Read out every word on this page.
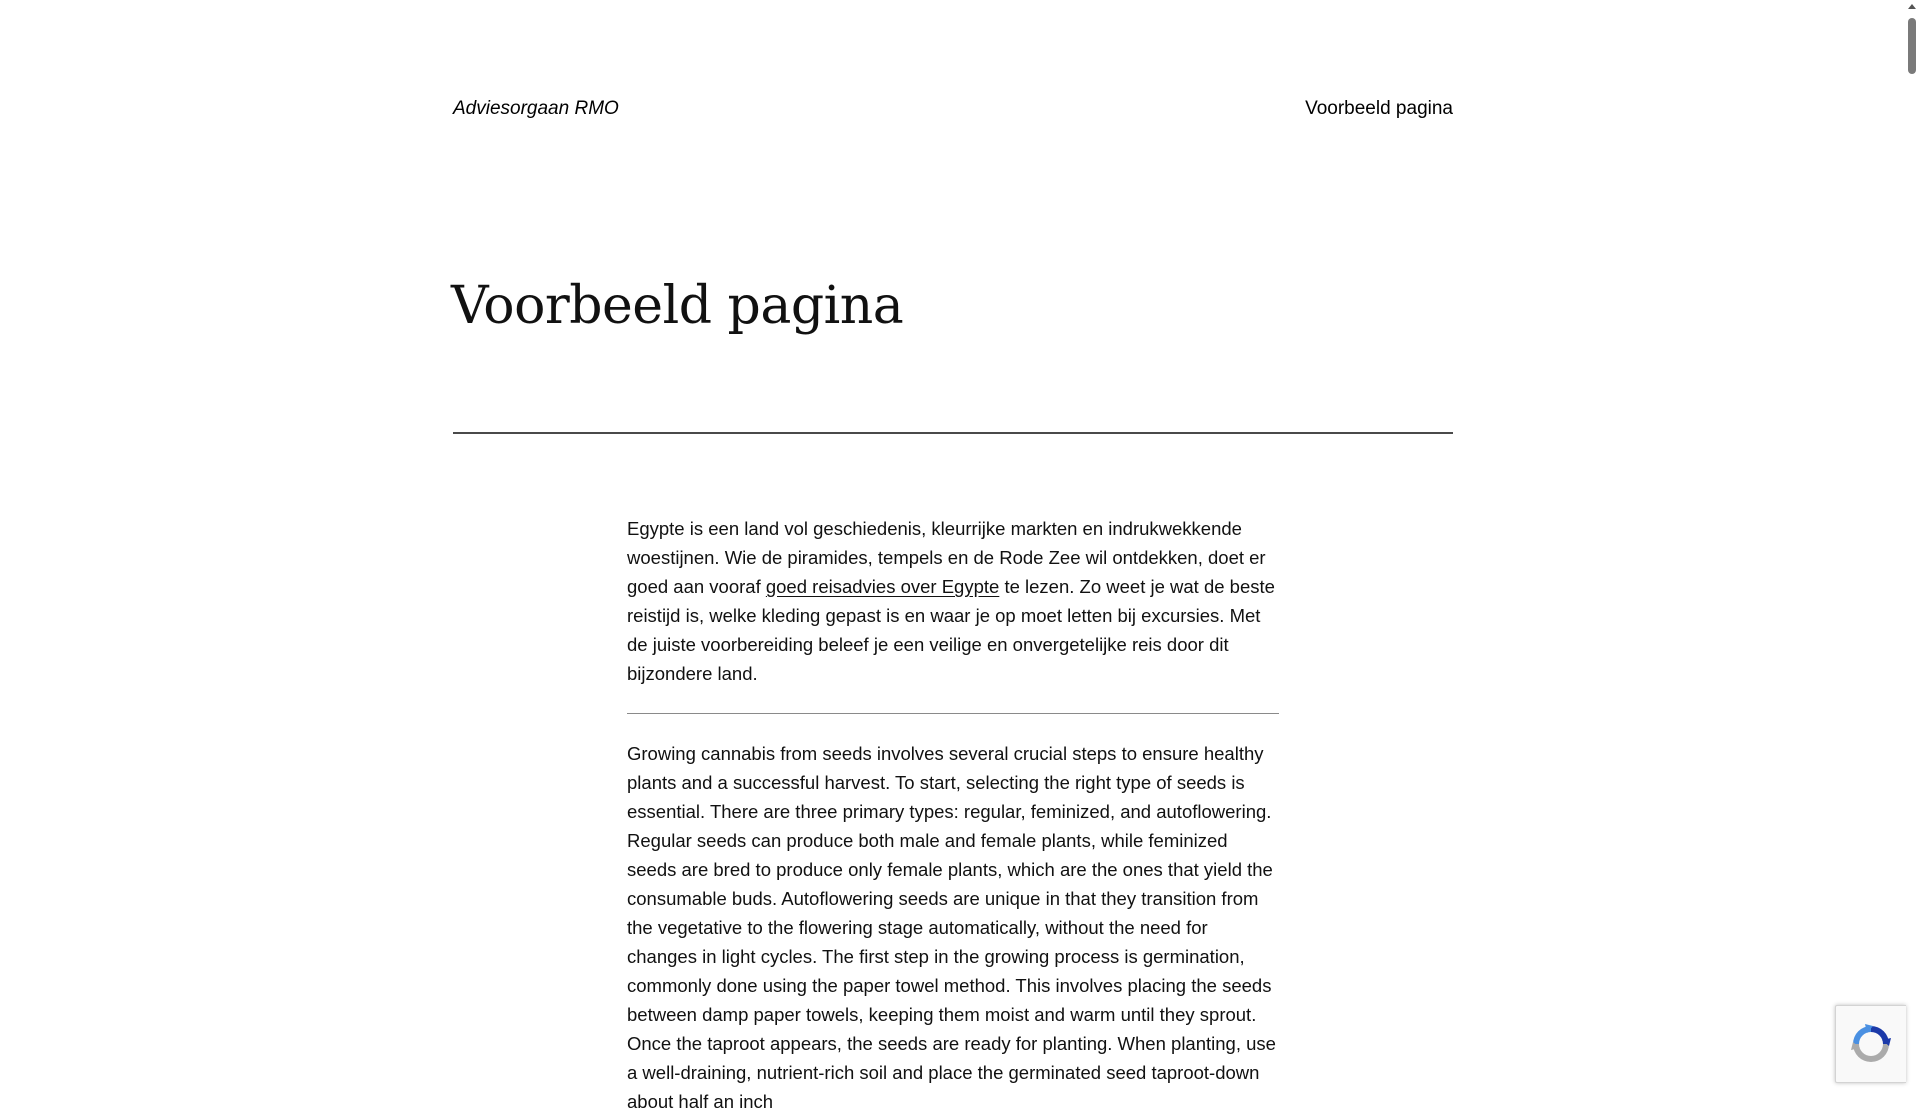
Adviesorgaan RMO	Voorbeeld pagina
Voorbeeld pagina

Egypte is een land vol geschiedenis, kleurrijke markten en indrukwekkende woestijnen. Wie de piramides, tempels en de Rode Zee wil ontdekken, doet er goed aan vooraf goed reisadvies over Egypte te lezen. Zo weet je wat de beste reistijd is, welke kleding gepast is en waar je op moet letten bij excursies. Met de juiste voorbereiding beleef je een veilige en onvergetelijke reis door dit bijzondere land.

Growing cannabis from seeds involves several crucial steps to ensure healthy plants and a successful harvest. To start, selecting the right type of seeds is essential. There are three primary types: regular, feminized, and autoflowering. Regular seeds can produce both male and female plants, while feminized seeds are bred to produce only female plants, which are the ones that yield the consumable buds. Autoflowering seeds are unique in that they transition from the vegetative to the flowering stage automatically, without the need for changes in light cycles. The first step in the growing process is germination, commonly done using the paper towel method. This involves placing the seeds between damp paper towels, keeping them moist and warm until they sprout. Once the taproot appears, the seeds are ready for planting. When planting, use a well-draining, nutrient-rich soil and place the germinated seed taproot-down about half an inch
